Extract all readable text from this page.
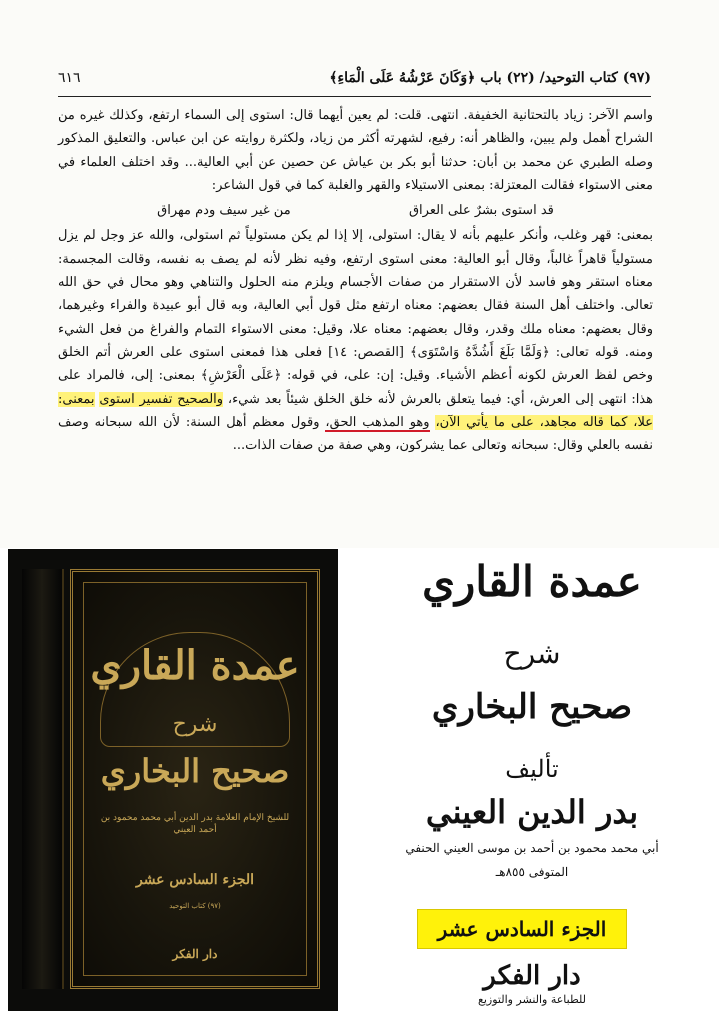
(٩٧) كتاب التوحيد/ (٢٢) باب ﴿وَكَانَ عَرْشُهُ عَلَى الْمَاءِ﴾
٦١٦

واسم الآخر: زياد بالتحتانية الخفيفة. انتهى. قلت: لم يعين أيهما قال: استوى إلى السماء ارتفع، وكذلك غيره من الشراح أهمل ولم يبين، والظاهر أنه: رفيع، لشهرته أكثر من زياد، ولكثرة روايته عن ابن عباس. والتعليق المذكور وصله الطبري عن محمد بن أبان: حدثنا أبو بكر بن عياش عن حصين عن أبي العالية... وقد اختلف العلماء في معنى الاستواء فقالت المعتزلة: بمعنى الاستيلاء والقهر والغلبة كما في قول الشاعر:

قد استوى بشرٌ على العراق
من غير سيف ودم مهراق

بمعنى: قهر وغلب، وأنكر عليهم بأنه لا يقال: استولى، إلا إذا لم يكن مستولياً ثم استولى، والله عز وجل لم يزل مستولياً قاهراً غالباً، وقال أبو العالية: معنى استوى ارتفع، وفيه نظر لأنه لم يصف به نفسه، وقالت المجسمة: معناه استقر وهو فاسد لأن الاستقرار من صفات الأجسام ويلزم منه الحلول والتناهي وهو محال في حق الله تعالى. واختلف أهل السنة فقال بعضهم: معناه ارتفع مثل قول أبي العالية، وبه قال أبو عبيدة والفراء وغيرهما، وقال بعضهم: معناه ملك وقدر، وقال بعضهم: معناه علا، وقيل: معنى الاستواء التمام والفراغ من فعل الشيء ومنه. قوله تعالى: ﴿وَلَمَّا بَلَغَ أَشُدَّهُ وَاسْتَوَى﴾ [القصص: ١٤] فعلى هذا فمعنى استوى على العرش أتم الخلق وخص لفظ العرش لكونه أعظم الأشياء. وقيل: إن: على، في قوله: ﴿عَلَى الْعَرْشِ﴾ بمعنى: إلى، فالمراد على هذا: انتهى إلى العرش، أي: فيما يتعلق بالعرش لأنه خلق الخلق شيئاً بعد شيء، والصحيح تفسير استوى بمعنى: علا، كما قاله مجاهد، على ما يأتي الآن، وهو المذهب الحق، وقول معظم أهل السنة: لأن الله سبحانه وصف نفسه بالعلي وقال: سبحانه وتعالى عما يشركون، وهي صفة من صفات الذات...

عمدة القاري
شرح
صحيح البخاري
للشيخ الإمام العلامة بدر الدين أبي محمد محمود بن أحمد العيني
الجزء السادس عشر
(٩٧) كتاب التوحيد
دار الفكر
عمدة القاري
شرح
صحيح البخاري
تأليف
بدر الدين العيني
أبي محمد محمود بن أحمد بن موسى العيني الحنفي
المتوفى ٨٥٥هـ
الجزء السادس عشر
دار الفكر
للطباعة والنشر والتوزيع
